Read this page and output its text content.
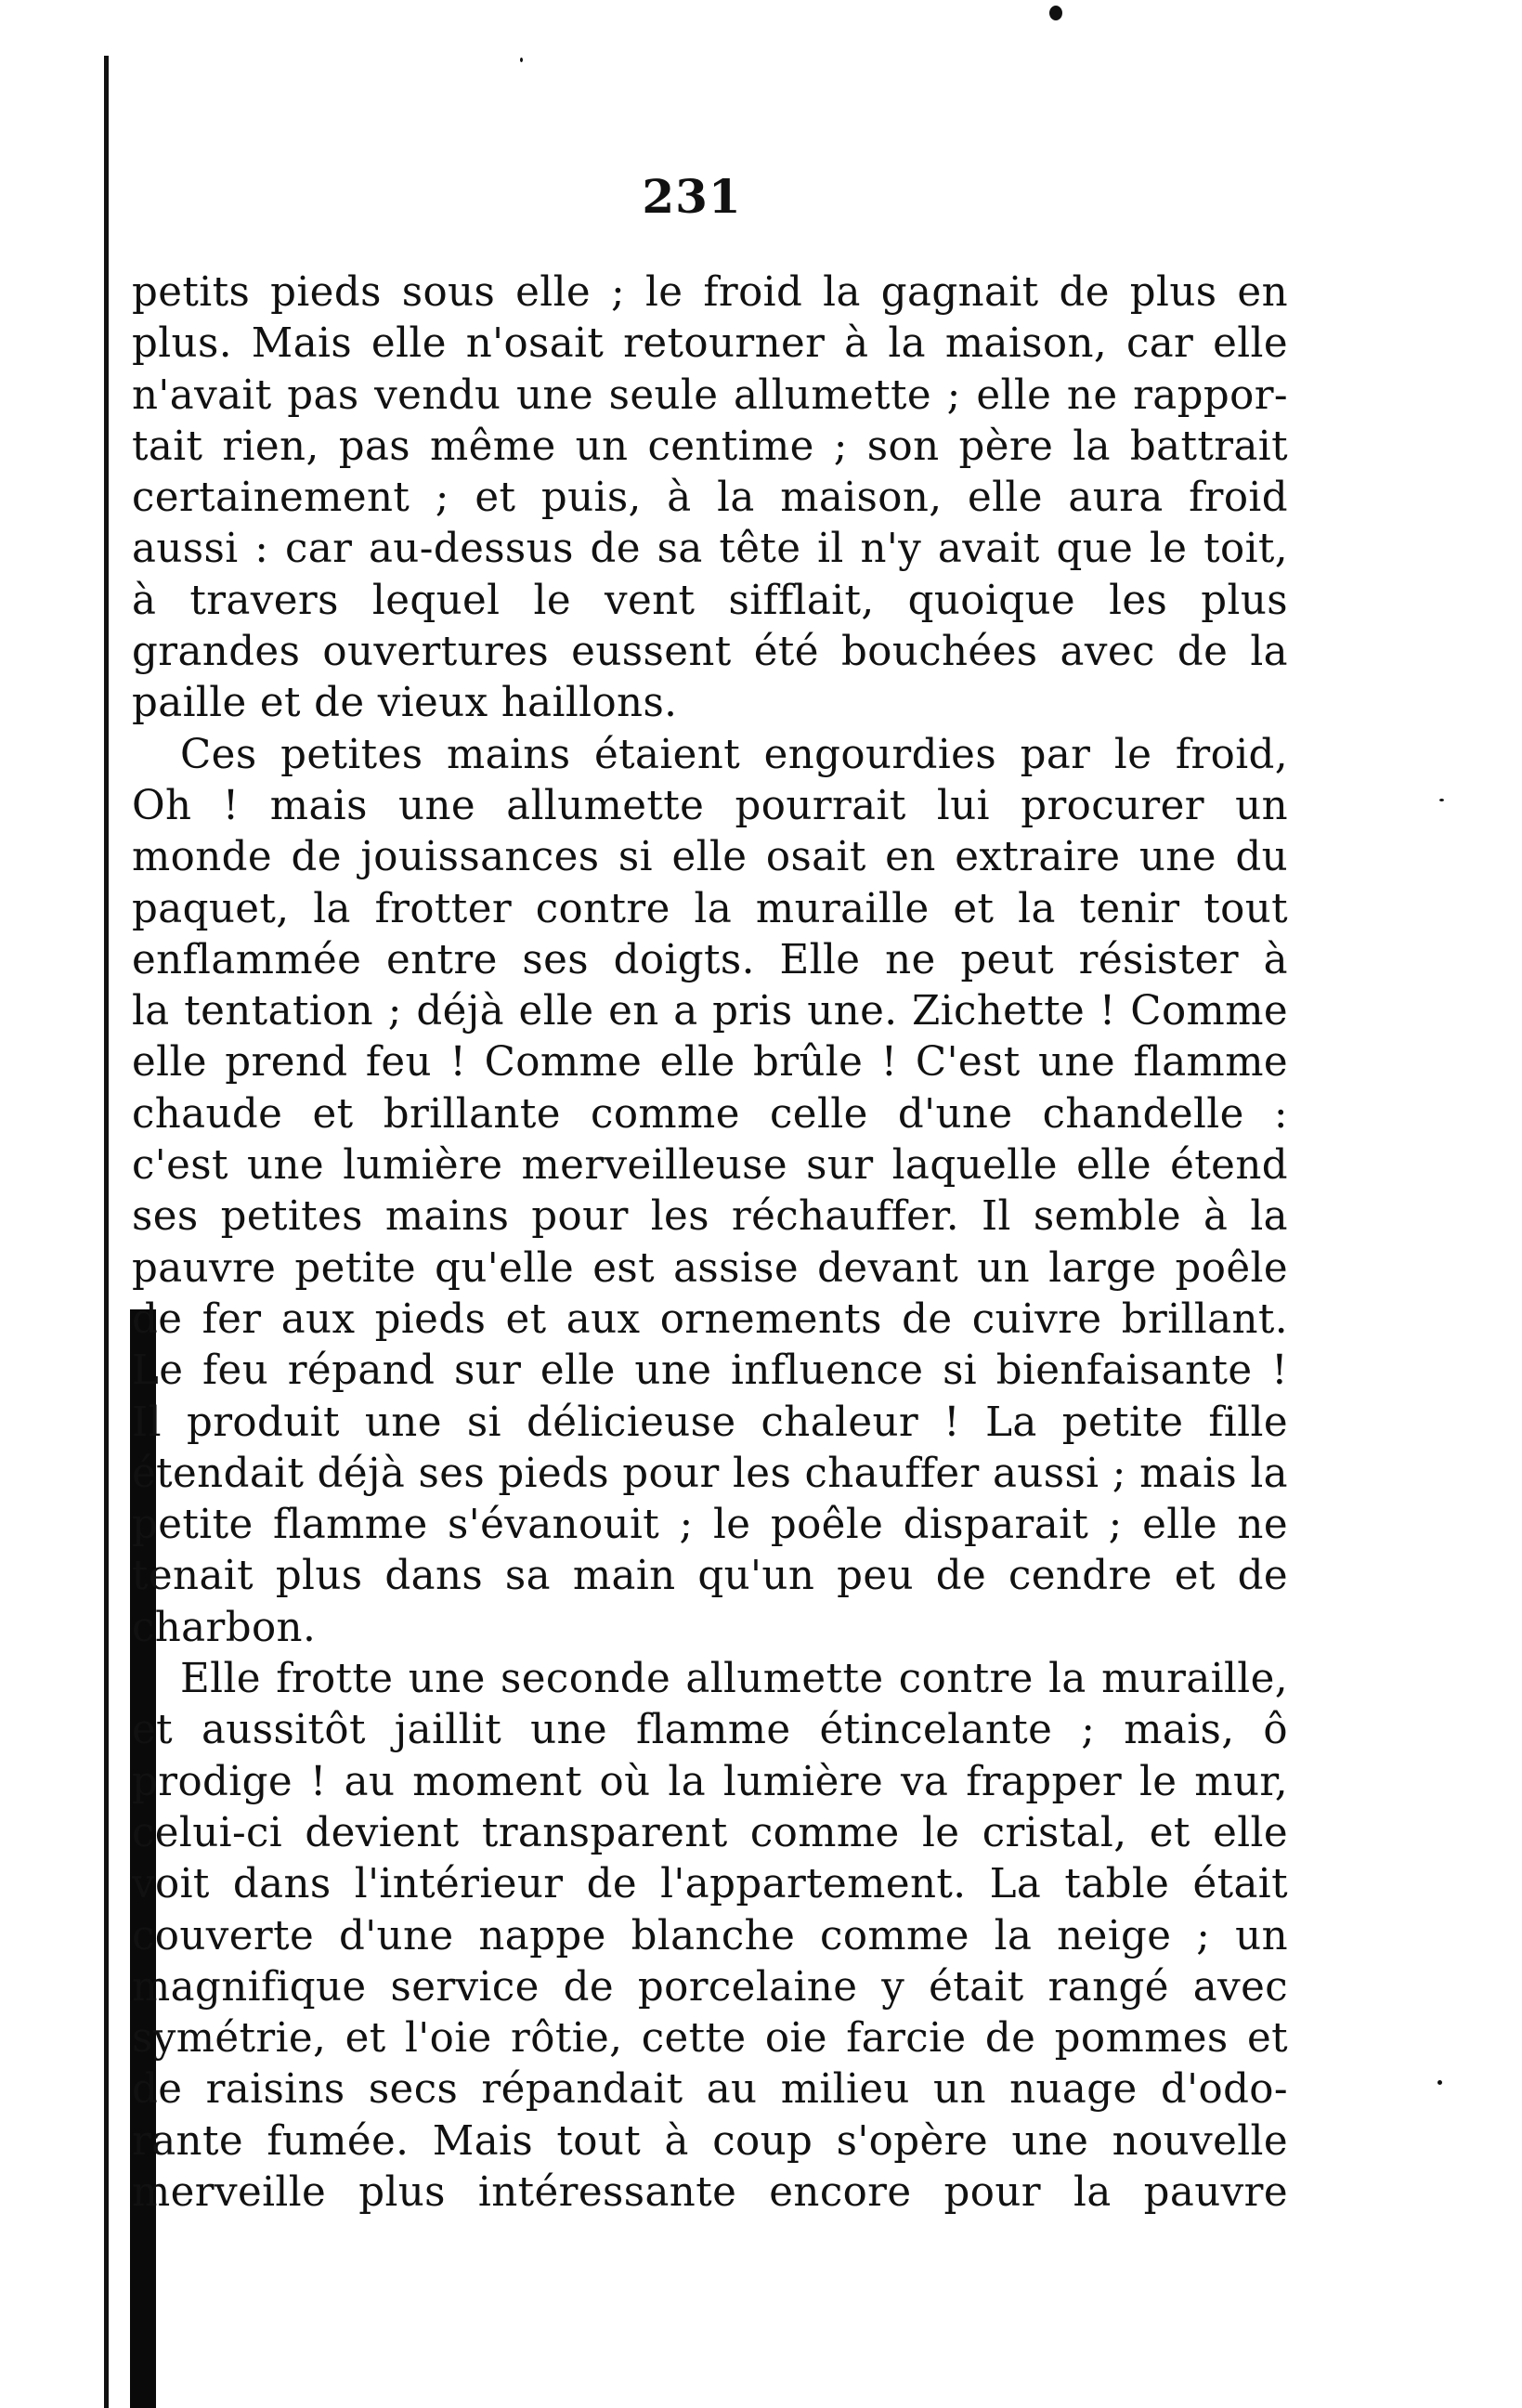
231
petits pieds sous elle ; le froid la gagnait de plus en
plus. Mais elle n'osait retourner à la maison, car elle
n'avait pas vendu une seule allumette ; elle ne rappor-
tait rien, pas même un centime ; son père la battrait
certainement ; et puis, à la maison, elle aura froid
aussi : car au-dessus de sa tête il n'y avait que le toit,
à travers lequel le vent sifflait, quoique les plus
grandes ouvertures eussent été bouchées avec de la
paille et de vieux haillons.
Ces petites mains étaient engourdies par le froid,
Oh ! mais une allumette pourrait lui procurer un
monde de jouissances si elle osait en extraire une du
paquet, la frotter contre la muraille et la tenir tout
enflammée entre ses doigts. Elle ne peut résister à
la tentation ; déjà elle en a pris une. Zichette ! Comme
elle prend feu ! Comme elle brûle ! C'est une flamme
chaude et brillante comme celle d'une chandelle :
c'est une lumière merveilleuse sur laquelle elle étend
ses petites mains pour les réchauffer. Il semble à la
pauvre petite qu'elle est assise devant un large poêle
de fer aux pieds et aux ornements de cuivre brillant.
Le feu répand sur elle une influence si bienfaisante !
Il produit une si délicieuse chaleur ! La petite fille
étendait déjà ses pieds pour les chauffer aussi ; mais la
petite flamme s'évanouit ; le poêle disparait ; elle ne
tenait plus dans sa main qu'un peu de cendre et de
charbon.
Elle frotte une seconde allumette contre la muraille,
et aussitôt jaillit une flamme étincelante ; mais, ô
prodige ! au moment où la lumière va frapper le mur,
celui-ci devient transparent comme le cristal, et elle
voit dans l'intérieur de l'appartement. La table était
couverte d'une nappe blanche comme la neige ; un
magnifique service de porcelaine y était rangé avec
symétrie, et l'oie rôtie, cette oie farcie de pommes et
de raisins secs répandait au milieu un nuage d'odo-
rante fumée. Mais tout à coup s'opère une nouvelle
merveille plus intéressante encore pour la pauvre
